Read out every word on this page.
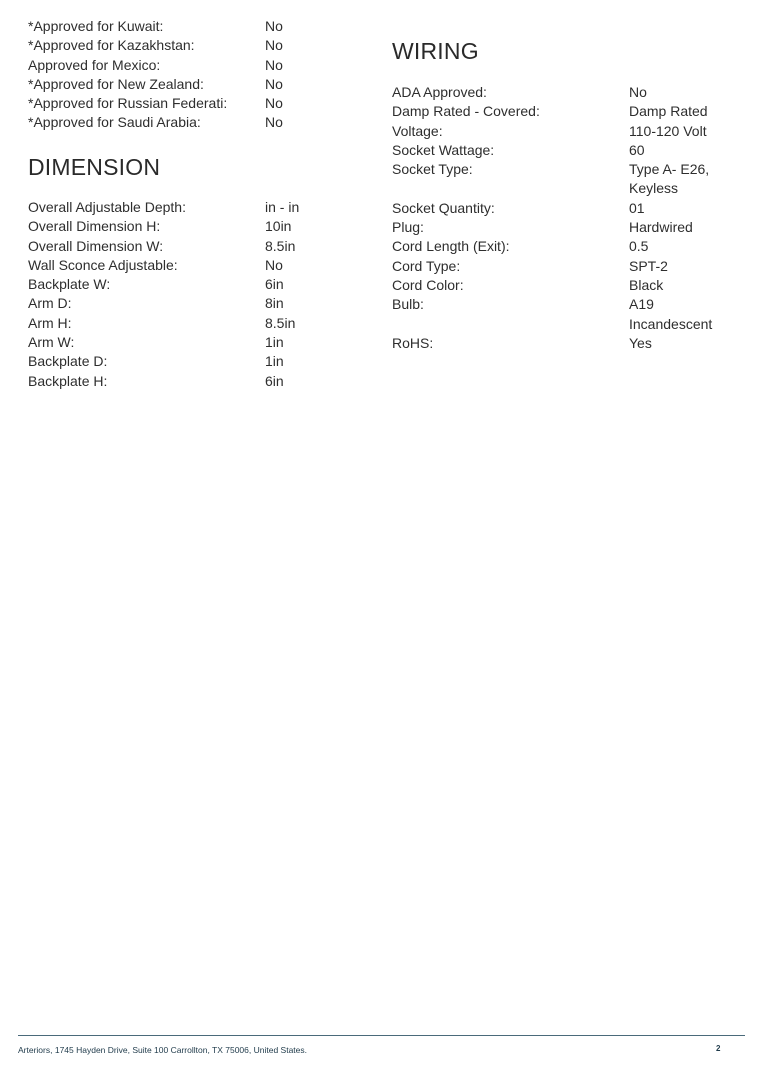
*Approved for Kuwait:	No
*Approved for Kazakhstan:	No
Approved for Mexico:	No
*Approved for New Zealand:	No
*Approved for Russian Federati:	No
*Approved for Saudi Arabia:	No
DIMENSION
Overall Adjustable Depth:	in - in
Overall Dimension H:	10in
Overall Dimension W:	8.5in
Wall Sconce Adjustable:	No
Backplate W:	6in
Arm D:	8in
Arm H:	8.5in
Arm W:	1in
Backplate D:	1in
Backplate H:	6in
WIRING
ADA Approved:	No
Damp Rated - Covered:	Damp Rated
Voltage:	110-120 Volt
Socket Wattage:	60
Socket Type:	Type A- E26, Keyless
Socket Quantity:	01
Plug:	Hardwired
Cord Length (Exit):	0.5
Cord Type:	SPT-2
Cord Color:	Black
Bulb:	A19 Incandescent
RoHS:	Yes
Arteriors, 1745 Hayden Drive, Suite 100 Carrollton, TX 75006, United States.	2
